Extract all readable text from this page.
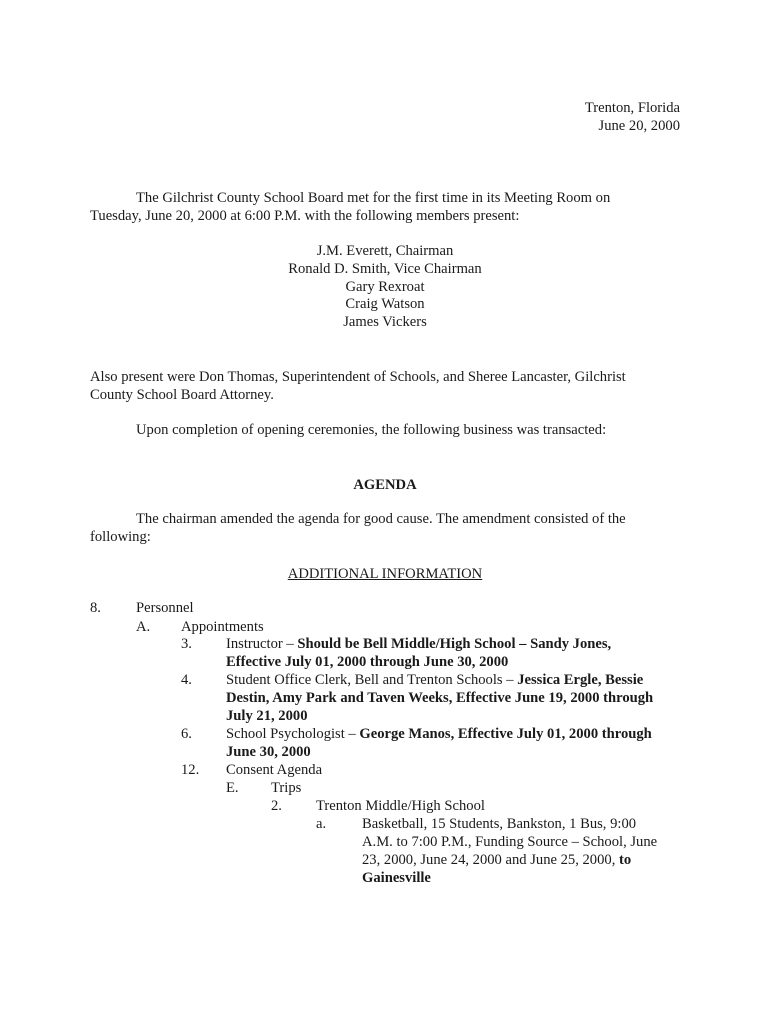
Trenton, Florida
June 20, 2000
The Gilchrist County School Board met for the first time in its Meeting Room on Tuesday, June 20, 2000 at 6:00 P.M. with the following members present:
J.M. Everett, Chairman
Ronald D. Smith, Vice Chairman
Gary Rexroat
Craig Watson
James Vickers
Also present were Don Thomas, Superintendent of Schools, and Sheree Lancaster, Gilchrist County School Board Attorney.
Upon completion of opening ceremonies, the following business was transacted:
AGENDA
The chairman amended the agenda for good cause. The amendment consisted of the following:
ADDITIONAL INFORMATION
8. Personnel
A. Appointments
3. Instructor – Should be Bell Middle/High School – Sandy Jones,
Effective July 01, 2000 through June 30, 2000
4. Student Office Clerk, Bell and Trenton Schools – Jessica Ergle, Bessie
Destin, Amy Park and Taven Weeks, Effective June 19, 2000 through
July 21, 2000
6. School Psychologist – George Manos, Effective July 01, 2000 through
June 30, 2000
12. Consent Agenda
E. Trips
2. Trenton Middle/High School
a. Basketball, 15 Students, Bankston, 1 Bus, 9:00
A.M. to 7:00 P.M., Funding Source – School, June
23, 2000, June 24, 2000 and June 25, 2000, to
Gainesville
